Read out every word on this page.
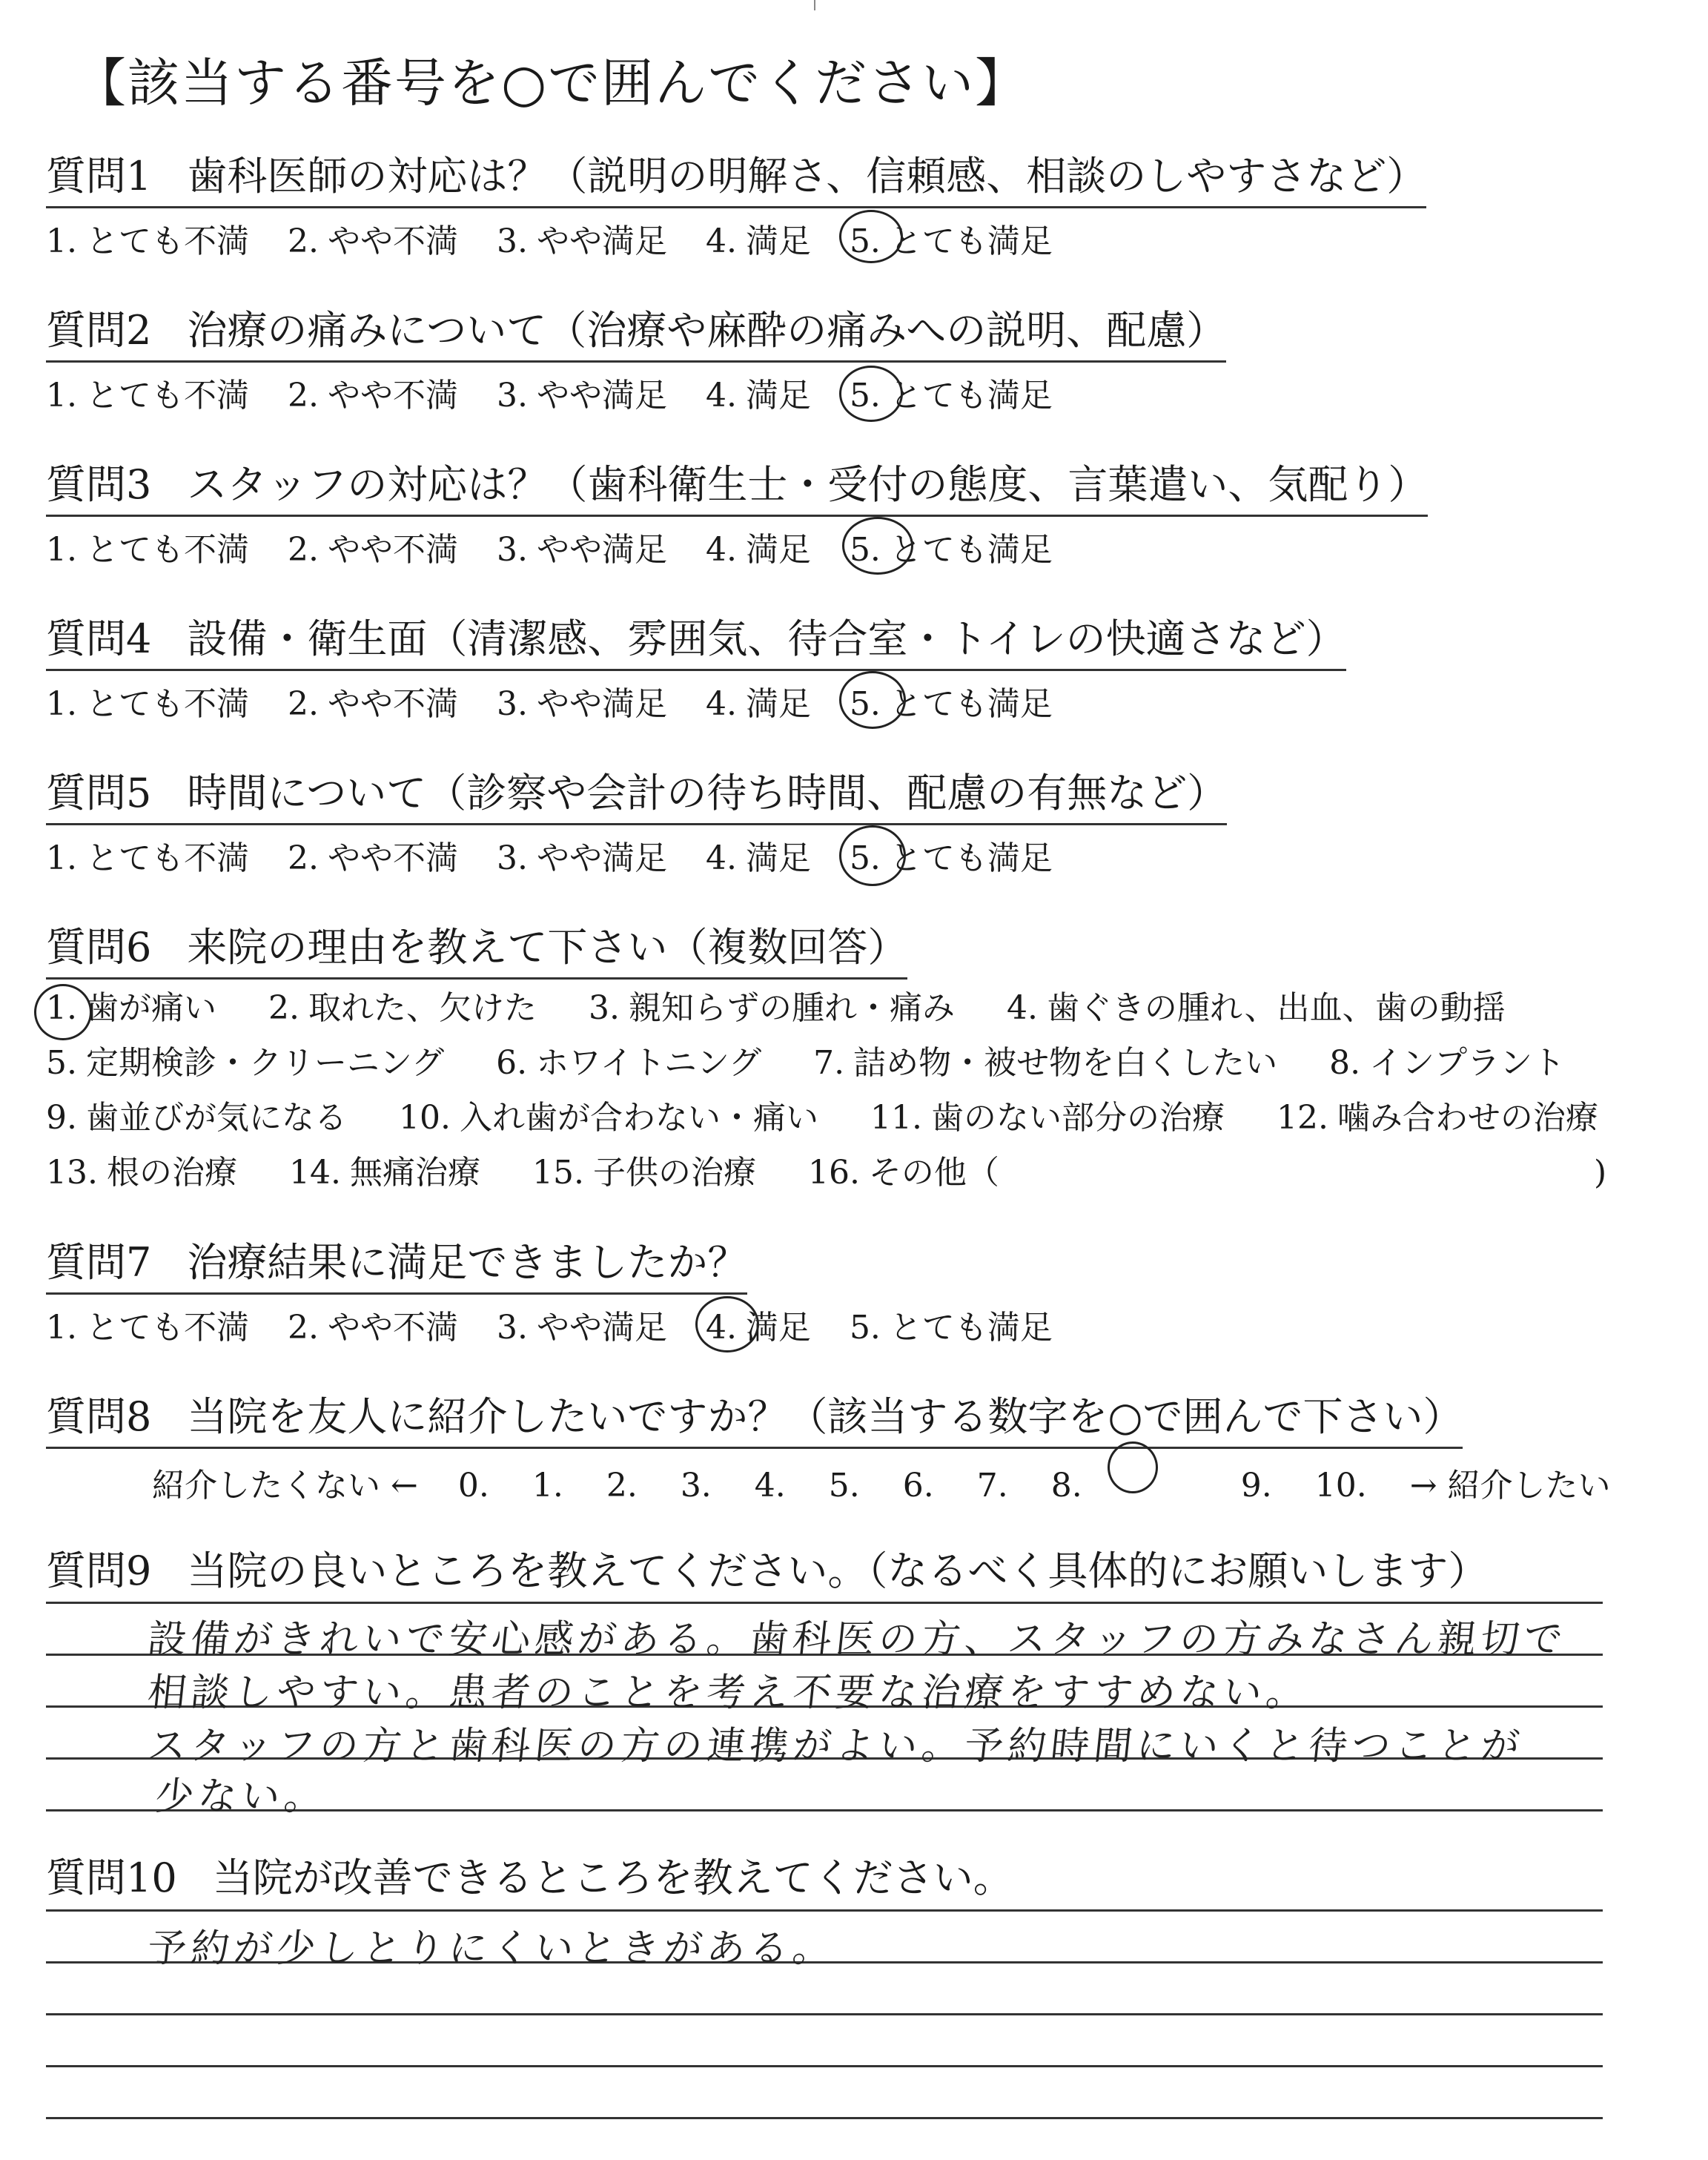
【該当する番号を○で囲んでください】
質問1 歯科医師の対応は？（説明の明解さ、信頼感、相談のしやすさなど）
1. とても不満 2. やや不満 3. やや満足 4. 満足 5. とても満足
質問2 治療の痛みについて（治療や麻酔の痛みへの説明、配慮）
1. とても不満 2. やや不満 3. やや満足 4. 満足 5. とても満足
質問3 スタッフの対応は？（歯科衛生士・受付の態度、言葉遣い、気配り）
1. とても不満 2. やや不満 3. やや満足 4. 満足 5. とても満足
質問4 設備・衛生面（清潔感、雰囲気、待合室・トイレの快適さなど）
1. とても不満 2. やや不満 3. やや満足 4. 満足 5. とても満足
質問5 時間について（診察や会計の待ち時間、配慮の有無など）
1. とても不満 2. やや不満 3. やや満足 4. 満足 5. とても満足
質問6 来院の理由を教えて下さい（複数回答）
1. 歯が痛い 2. 取れた、欠けた 3. 親知らずの腫れ・痛み 4. 歯ぐきの腫れ、出血、歯の動揺
5. 定期検診・クリーニング 6. ホワイトニング 7. 詰め物・被せ物を白くしたい 8. インプラント
9. 歯並びが気になる 10. 入れ歯が合わない・痛い 11. 歯のない部分の治療 12. 噛み合わせの治療
13. 根の治療 14. 無痛治療 15. 子供の治療 16. その他（	)
質問7 治療結果に満足できましたか？
1. とても不満 2. やや不満 3. やや満足 4. 満足 5. とても満足
質問8 当院を友人に紹介したいですか？（該当する数字を○で囲んで下さい）
紹介したくない ← 0. 1. 2. 3. 4. 5. 6. 7. 8.	9. 10. → 紹介したい
質問9 当院の良いところを教えてください。（なるべく具体的にお願いします）
設備がきれいで安心感がある。歯科医の方、スタッフの方みなさん親切で
相談しやすい。患者のことを考え不要な治療をすすめない。
スタッフの方と歯科医の方の連携がよい。予約時間にいくと待つことが
少ない。
質問10 当院が改善できるところを教えてください。
予約が少しとりにくいときがある。
